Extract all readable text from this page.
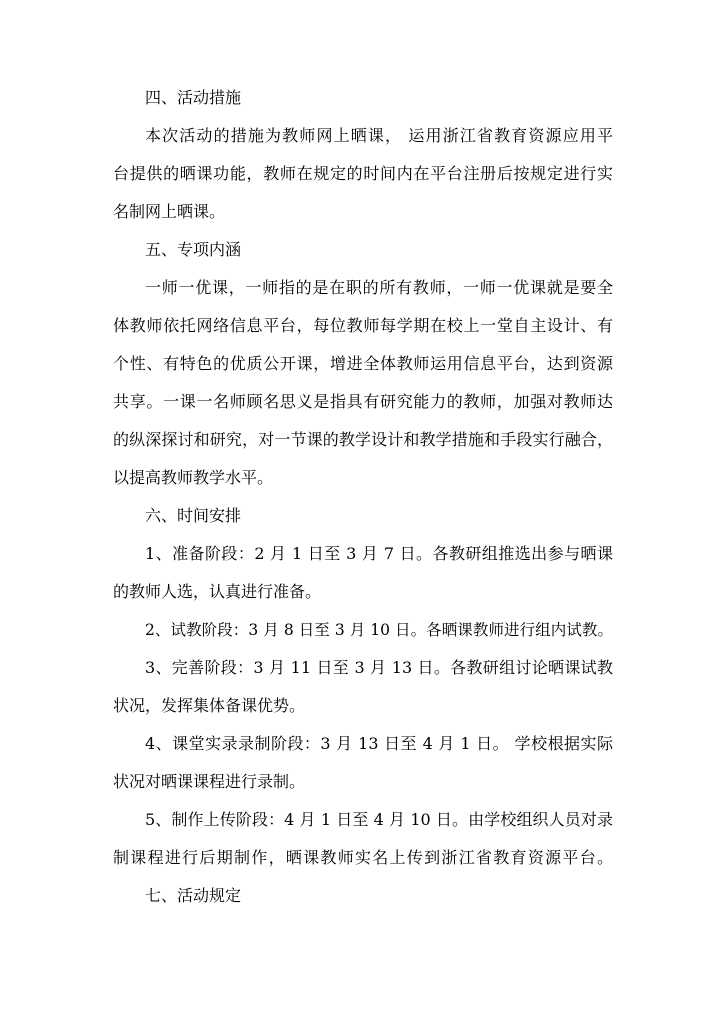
四、活动措施
本次活动的措施为教师网上晒课， 运用浙江省教育资源应用平
台提供的晒课功能，教师在规定的时间内在平台注册后按规定进行实
名制网上晒课。
五、专项内涵
一师一优课，一师指的是在职的所有教师，一师一优课就是要全
体教师依托网络信息平台，每位教师每学期在校上一堂自主设计、有
个性、有特色的优质公开课，增进全体教师运用信息平台，达到资源
共享。一课一名师顾名思义是指具有研究能力的教师，加强对教师达
的纵深探讨和研究，对一节课的教学设计和教学措施和手段实行融合，
以提高教师教学水平。
六、时间安排
1、准备阶段：2 月 1 日至 3 月 7 日。各教研组推选出参与晒课
的教师人选，认真进行准备。
2、试教阶段：3 月 8 日至 3 月 10 日。各晒课教师进行组内试教。
3、完善阶段：3 月 11 日至 3 月 13 日。各教研组讨论晒课试教
状况，发挥集体备课优势。
4、课堂实录录制阶段：3 月 13 日至 4 月 1 日。 学校根据实际
状况对晒课课程进行录制。
5、制作上传阶段：4 月 1 日至 4 月 10 日。由学校组织人员对录
制课程进行后期制作，晒课教师实名上传到浙江省教育资源平台。
七、活动规定
